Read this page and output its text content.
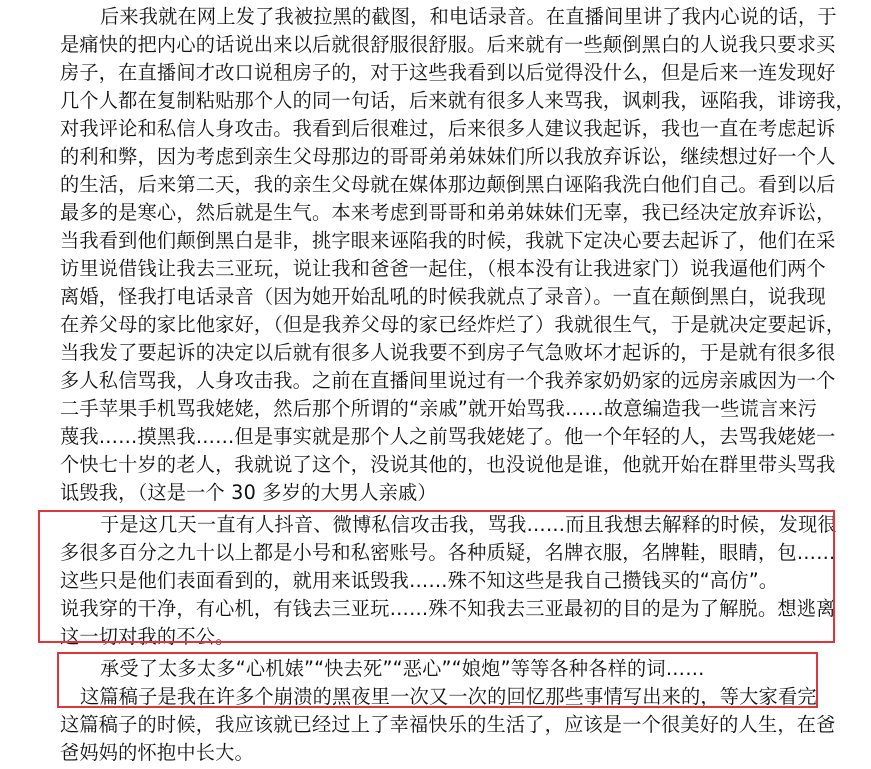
后来我就在网上发了我被拉黑的截图，和电话录音。在直播间里讲了我内心说的话，于
是痛快的把内心的话说出来以后就很舒服很舒服。后来就有一些颠倒黑白的人说我只要求买
房子，在直播间才改口说租房子的，对于这些我看到以后觉得没什么，但是后来一连发现好
几个人都在复制粘贴那个人的同一句话，后来就有很多人来骂我，讽刺我，诬陷我，诽谤我，
对我评论和私信人身攻击。我看到后很难过，后来很多人建议我起诉，我也一直在考虑起诉
的利和弊，因为考虑到亲生父母那边的哥哥弟弟妹妹们所以我放弃诉讼，继续想过好一个人
的生活，后来第二天，我的亲生父母就在媒体那边颠倒黑白诬陷我洗白他们自己。看到以后
最多的是寒心，然后就是生气。本来考虑到哥哥和弟弟妹妹们无辜，我已经决定放弃诉讼，
当我看到他们颠倒黑白是非，挑字眼来诬陷我的时候，我就下定决心要去起诉了，他们在采
访里说借钱让我去三亚玩，说让我和爸爸一起住，（根本没有让我进家门）说我逼他们两个
离婚，怪我打电话录音（因为她开始乱吼的时候我就点了录音）。一直在颠倒黑白，说我现
在养父母的家比他家好，（但是我养父母的家已经炸烂了）我就很生气，于是就决定要起诉，
当我发了要起诉的决定以后就有很多人说我要不到房子气急败坏才起诉的，于是就有很多很
多人私信骂我，人身攻击我。之前在直播间里说过有一个我养家奶奶家的远房亲戚因为一个
二手苹果手机骂我姥姥，然后那个所谓的“亲戚”就开始骂我……故意编造我一些谎言来污
蔑我……摸黑我……但是事实就是那个人之前骂我姥姥了。他一个年轻的人，去骂我姥姥一
个快七十岁的老人，我就说了这个，没说其他的，也没说他是谁，他就开始在群里带头骂我
诋毁我，（这是一个 30 多岁的大男人亲戚）
于是这几天一直有人抖音、微博私信攻击我，骂我……而且我想去解释的时候，发现很
多很多百分之九十以上都是小号和私密账号。各种质疑，名牌衣服，名牌鞋，眼睛，包……
这些只是他们表面看到的，就用来诋毁我……殊不知这些是我自己攒钱买的“高仿”。
说我穿的干净，有心机，有钱去三亚玩……殊不知我去三亚最初的目的是为了解脱。想逃离
这一切对我的不公。
承受了太多太多“心机婊”“快去死”“恶心”“娘炮”等等各种各样的词……
这篇稿子是我在许多个崩溃的黑夜里一次又一次的回忆那些事情写出来的，等大家看完
这篇稿子的时候，我应该就已经过上了幸福快乐的生活了，应该是一个很美好的人生，在爸
爸妈妈的怀抱中长大。
